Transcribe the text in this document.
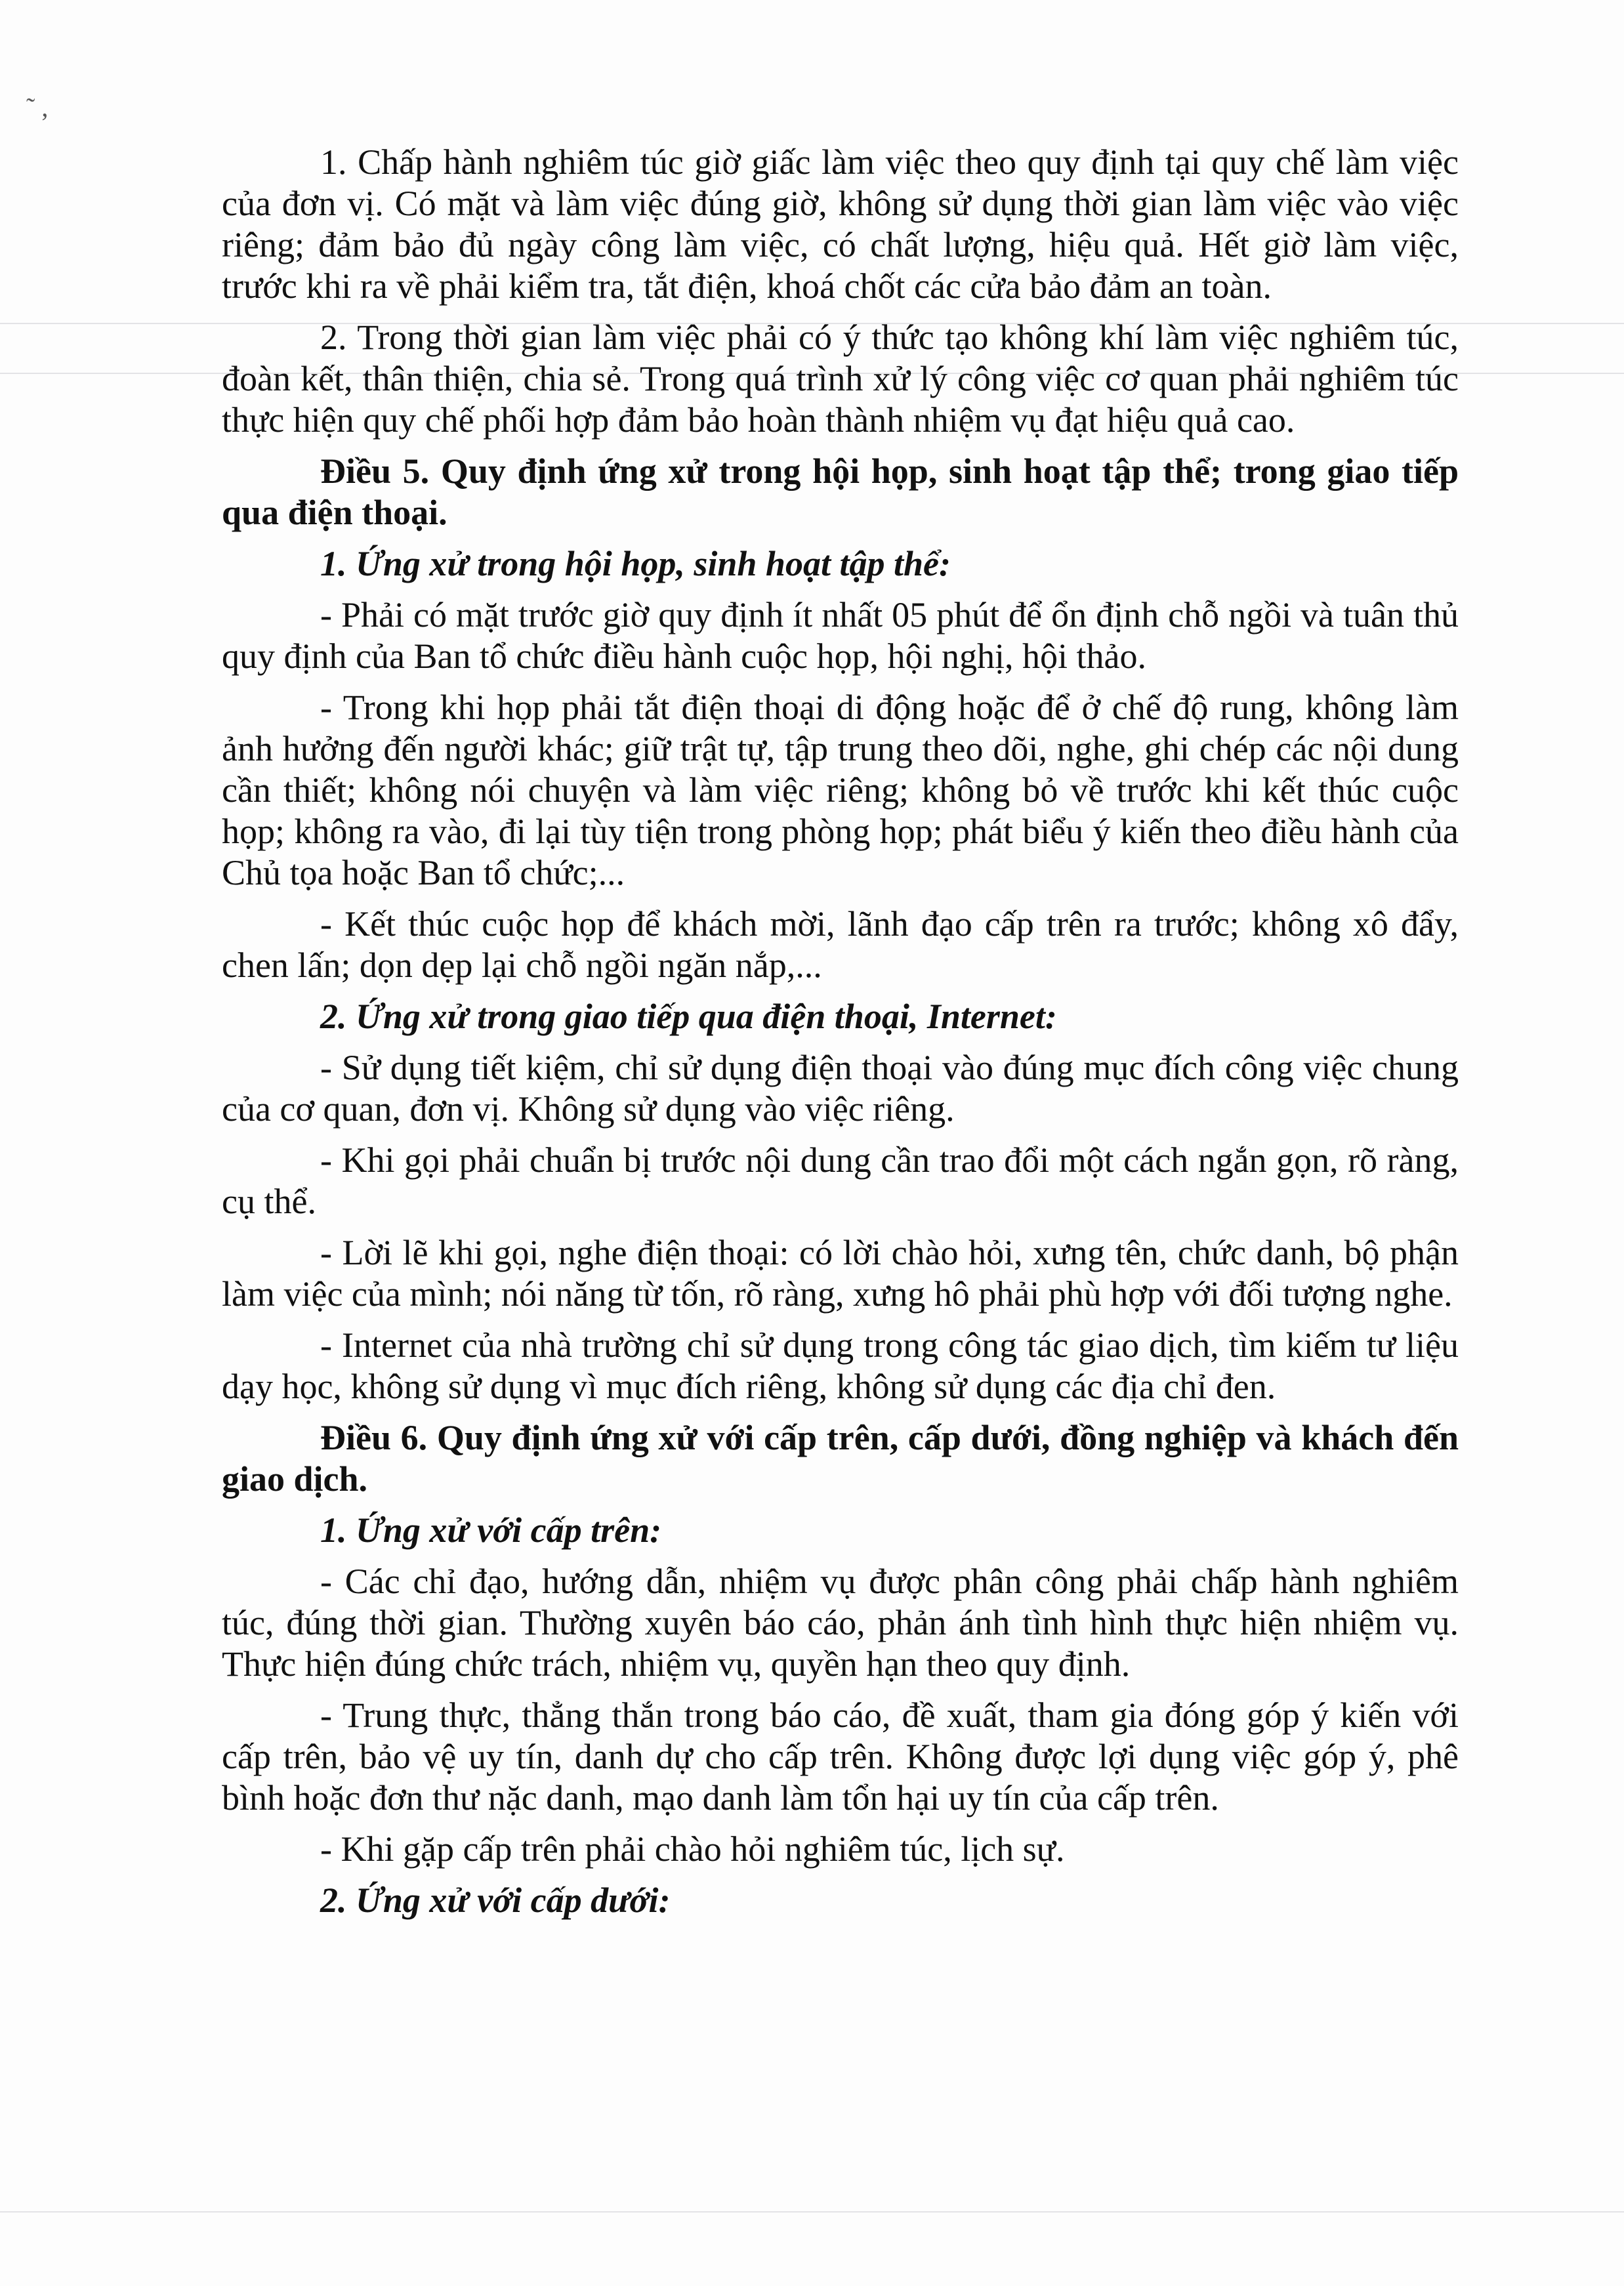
˜ ,

1. Chấp hành nghiêm túc giờ giấc làm việc theo quy định tại quy chế làm việc của đơn vị. Có mặt và làm việc đúng giờ, không sử dụng thời gian làm việc vào việc riêng; đảm bảo đủ ngày công làm việc, có chất lượng, hiệu quả. Hết giờ làm việc, trước khi ra về phải kiểm tra, tắt điện, khoá chốt các cửa bảo đảm an toàn.

2. Trong thời gian làm việc phải có ý thức tạo không khí làm việc nghiêm túc, đoàn kết, thân thiện, chia sẻ. Trong quá trình xử lý công việc cơ quan phải nghiêm túc thực hiện quy chế phối hợp đảm bảo hoàn thành nhiệm vụ đạt hiệu quả cao.

Điều 5. Quy định ứng xử trong hội họp, sinh hoạt tập thể; trong giao tiếp qua điện thoại.

1. Ứng xử trong hội họp, sinh hoạt tập thể:

- Phải có mặt trước giờ quy định ít nhất 05 phút để ổn định chỗ ngồi và tuân thủ quy định của Ban tổ chức điều hành cuộc họp, hội nghị, hội thảo.

- Trong khi họp phải tắt điện thoại di động hoặc để ở chế độ rung, không làm ảnh hưởng đến người khác; giữ trật tự, tập trung theo dõi, nghe, ghi chép các nội dung cần thiết; không nói chuyện và làm việc riêng; không bỏ về trước khi kết thúc cuộc họp; không ra vào, đi lại tùy tiện trong phòng họp; phát biểu ý kiến theo điều hành của Chủ tọa hoặc Ban tổ chức;...

- Kết thúc cuộc họp để khách mời, lãnh đạo cấp trên ra trước; không xô đẩy, chen lấn; dọn dẹp lại chỗ ngồi ngăn nắp,...

2. Ứng xử trong giao tiếp qua điện thoại, Internet:

- Sử dụng tiết kiệm, chỉ sử dụng điện thoại vào đúng mục đích công việc chung của cơ quan, đơn vị. Không sử dụng vào việc riêng.

- Khi gọi phải chuẩn bị trước nội dung cần trao đổi một cách ngắn gọn, rõ ràng, cụ thể.

- Lời lẽ khi gọi, nghe điện thoại: có lời chào hỏi, xưng tên, chức danh, bộ phận làm việc của mình; nói năng từ tốn, rõ ràng, xưng hô phải phù hợp với đối tượng nghe.

- Internet của nhà trường chỉ sử dụng trong công tác giao dịch, tìm kiếm tư liệu dạy học, không sử dụng vì mục đích riêng, không sử dụng các địa chỉ đen.

Điều 6. Quy định ứng xử với cấp trên, cấp dưới, đồng nghiệp và khách đến giao dịch.

1. Ứng xử với cấp trên:

- Các chỉ đạo, hướng dẫn, nhiệm vụ được phân công phải chấp hành nghiêm túc, đúng thời gian. Thường xuyên báo cáo, phản ánh tình hình thực hiện nhiệm vụ. Thực hiện đúng chức trách, nhiệm vụ, quyền hạn theo quy định.

- Trung thực, thẳng thắn trong báo cáo, đề xuất, tham gia đóng góp ý kiến với cấp trên, bảo vệ uy tín, danh dự cho cấp trên. Không được lợi dụng việc góp ý, phê bình hoặc đơn thư nặc danh, mạo danh làm tổn hại uy tín của cấp trên.

- Khi gặp cấp trên phải chào hỏi nghiêm túc, lịch sự.

2. Ứng xử với cấp dưới:
